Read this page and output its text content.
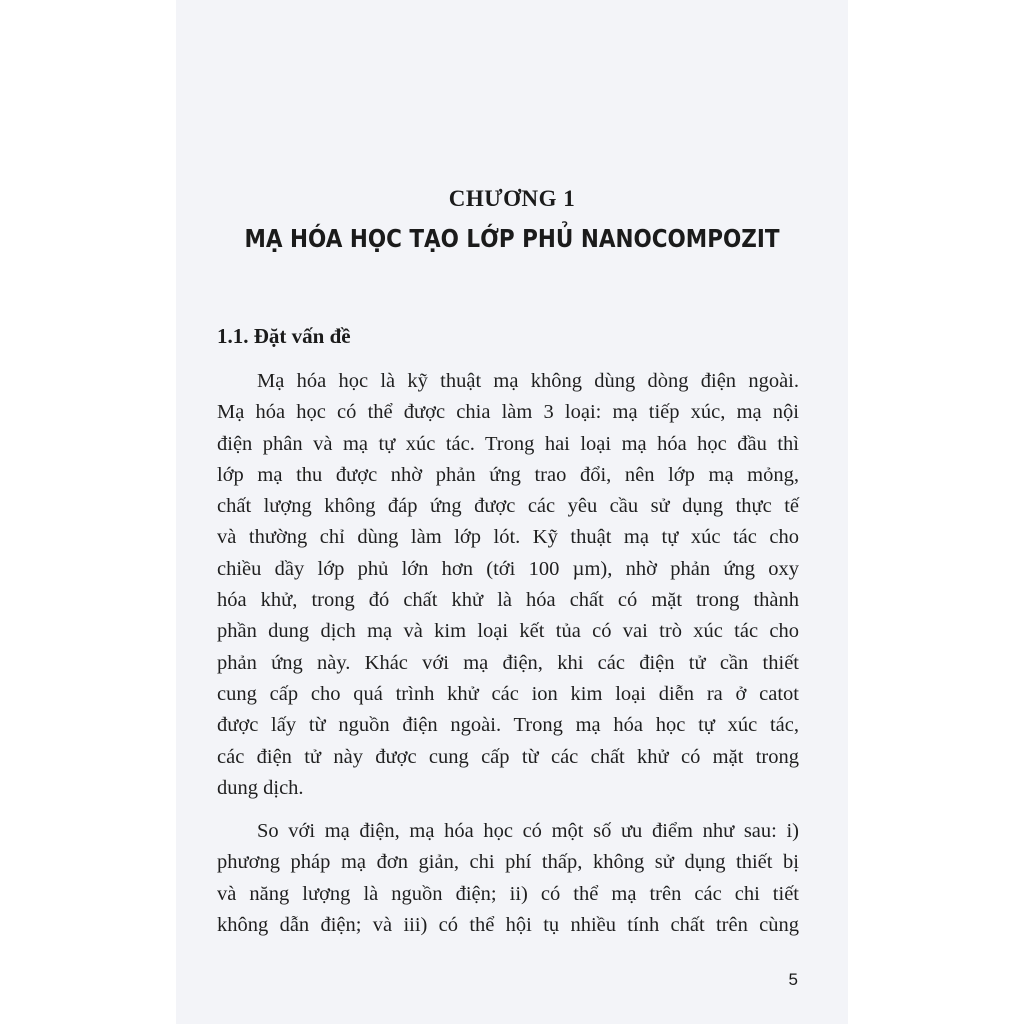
CHƯƠNG 1
MẠ HÓA HỌC TẠO LỚP PHỦ NANOCOMPOZIT
1.1. Đặt vấn đề
Mạ hóa học là kỹ thuật mạ không dùng dòng điện ngoài.
Mạ hóa học có thể được chia làm 3 loại: mạ tiếp xúc, mạ nội
điện phân và mạ tự xúc tác. Trong hai loại mạ hóa học đầu thì
lớp mạ thu được nhờ phản ứng trao đổi, nên lớp mạ mỏng,
chất lượng không đáp ứng được các yêu cầu sử dụng thực tế
và thường chỉ dùng làm lớp lót. Kỹ thuật mạ tự xúc tác cho
chiều dầy lớp phủ lớn hơn (tới 100 µm), nhờ phản ứng oxy
hóa khử, trong đó chất khử là hóa chất có mặt trong thành
phần dung dịch mạ và kim loại kết tủa có vai trò xúc tác cho
phản ứng này. Khác với mạ điện, khi các điện tử cần thiết
cung cấp cho quá trình khử các ion kim loại diễn ra ở catot
được lấy từ nguồn điện ngoài. Trong mạ hóa học tự xúc tác,
các điện tử này được cung cấp từ các chất khử có mặt trong
dung dịch.
So với mạ điện, mạ hóa học có một số ưu điểm như sau: i)
phương pháp mạ đơn giản, chi phí thấp, không sử dụng thiết bị
và năng lượng là nguồn điện; ii) có thể mạ trên các chi tiết
không dẫn điện; và iii) có thể hội tụ nhiều tính chất trên cùng
5
